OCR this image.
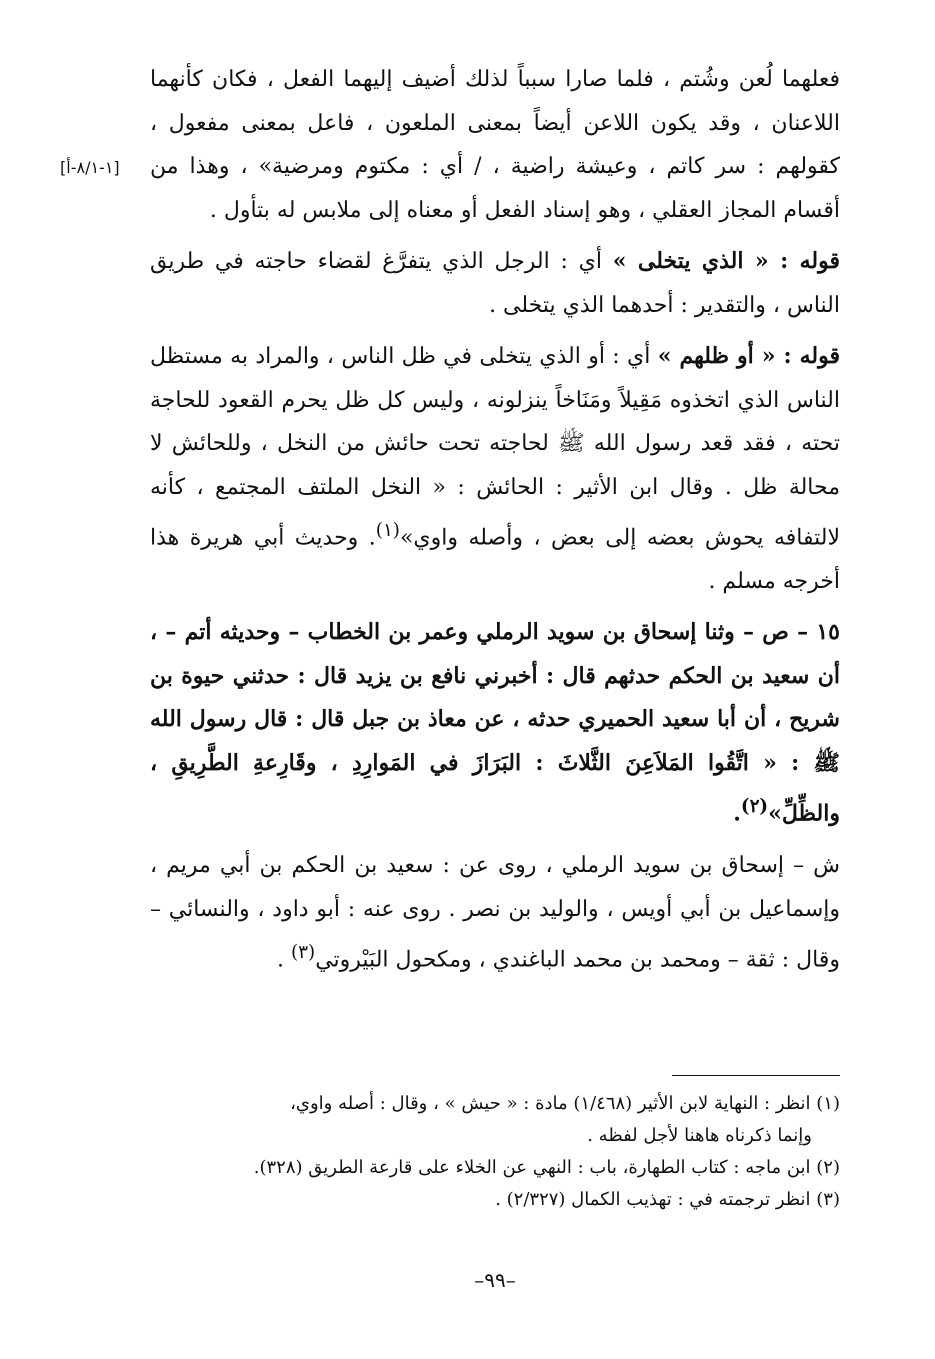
[١-٨/١-أ]

فعلهما لُعن وشُتم ، فلما صارا سبباً لذلك أضيف إليهما الفعل ، فكان كأنهما اللاعنان ، وقد يكون اللاعن أيضاً بمعنى الملعون ، فاعل بمعنى مفعول ، كقولهم : سر كاتم ، وعيشة راضية ، / أي : مكتوم ومرضية» ، وهذا من أقسام المجاز العقلي ، وهو إسناد الفعل أو معناه إلى ملابس له بتأول .

قوله : « الذي يتخلى » أي : الرجل الذي يتفرَّغ لقضاء حاجته في طريق الناس ، والتقدير : أحدهما الذي يتخلى .

قوله : « أو ظلهم » أي : أو الذي يتخلى في ظل الناس ، والمراد به مستظل الناس الذي اتخذوه مَقِيلاً ومَنَاخاً ينزلونه ، وليس كل ظل يحرم القعود للحاجة تحته ، فقد قعد رسول الله ﷺ لحاجته تحت حائش من النخل ، وللحائش لا محالة ظل . وقال ابن الأثير : الحائش : « النخل الملتف المجتمع ، كأنه لالتفافه يحوش بعضه إلى بعض ، وأصله واوي»$^{(١)}$. وحديث أبي هريرة هذا أخرجه مسلم .

١٥ – ص – وثنا إسحاق بن سويد الرملي وعمر بن الخطاب – وحديثه أتم – ، أن سعيد بن الحكم حدثهم قال : أخبرني نافع بن يزيد قال : حدثني حيوة بن شريح ، أن أبا سعيد الحميري حدثه ، عن معاذ بن جبل قال : قال رسول الله ﷺ : « اتَّقُوا المَلاَعِنَ الثَّلاثَ : البَرَازَ في المَوارِدِ ، وقَارِعةِ الطَّرِيقِ ، والظِّلِّ»$^{(٢)}$.

ش – إسحاق بن سويد الرملي ، روى عن : سعيد بن الحكم بن أبي مريم ، وإسماعيل بن أبي أويس ، والوليد بن نصر . روى عنه : أبو داود ، والنسائي – وقال : ثقة – ومحمد بن محمد الباغندي ، ومكحول البَيْروتي$^{(٣)}$ .

(١) انظر : النهاية لابن الأثير (١/٤٦٨) مادة : « حيش » ، وقال : أصله واوي،

وإنما ذكرناه هاهنا لأجل لفظه .

(٢) ابن ماجه : كتاب الطهارة، باب : النهي عن الخلاء على قارعة الطريق (٣٢٨).

(٣) انظر ترجمته في : تهذيب الكمال (٢/٣٢٧) .

–٩٩–
